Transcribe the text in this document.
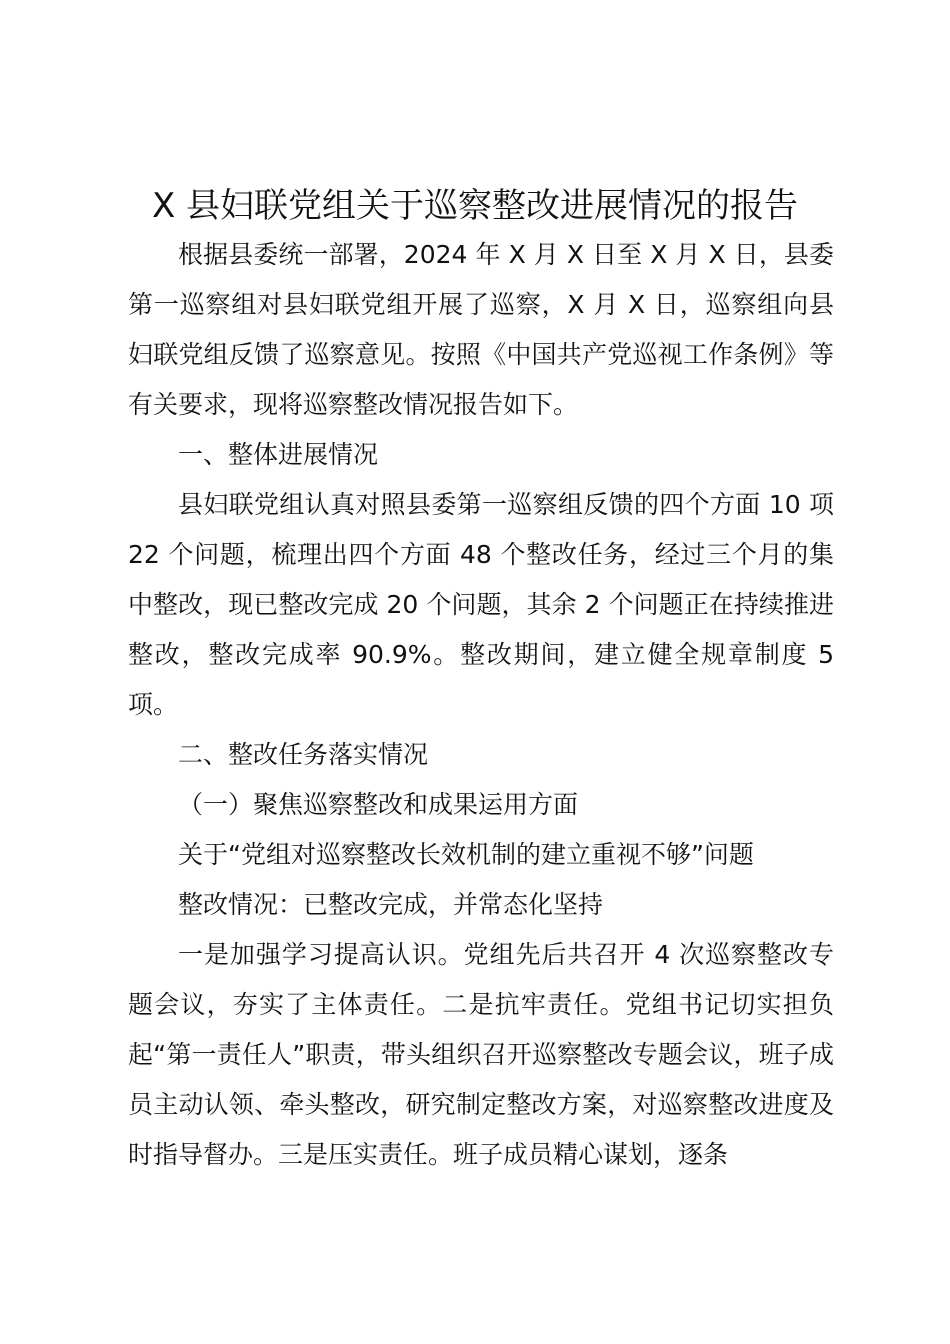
X 县妇联党组关于巡察整改进展情况的报告

根据县委统一部署，2024 年 X 月 X 日至 X 月 X 日，县委第一巡察组对县妇联党组开展了巡察，X 月 X 日，巡察组向县妇联党组反馈了巡察意见。按照《中国共产党巡视工作条例》等有关要求，现将巡察整改情况报告如下。

一、整体进展情况

县妇联党组认真对照县委第一巡察组反馈的四个方面 10 项 22 个问题，梳理出四个方面 48 个整改任务，经过三个月的集中整改，现已整改完成 20 个问题，其余 2 个问题正在持续推进整改，整改完成率 90.9%。整改期间，建立健全规章制度 5 项。

二、整改任务落实情况

（一）聚焦巡察整改和成果运用方面

关于“党组对巡察整改长效机制的建立重视不够”问题

整改情况：已整改完成，并常态化坚持

一是加强学习提高认识。党组先后共召开 4 次巡察整改专题会议，夯实了主体责任。二是抗牢责任。党组书记切实担负起“第一责任人”职责，带头组织召开巡察整改专题会议，班子成员主动认领、牵头整改，研究制定整改方案，对巡察整改进度及时指导督办。三是压实责任。班子成员精心谋划，逐条
